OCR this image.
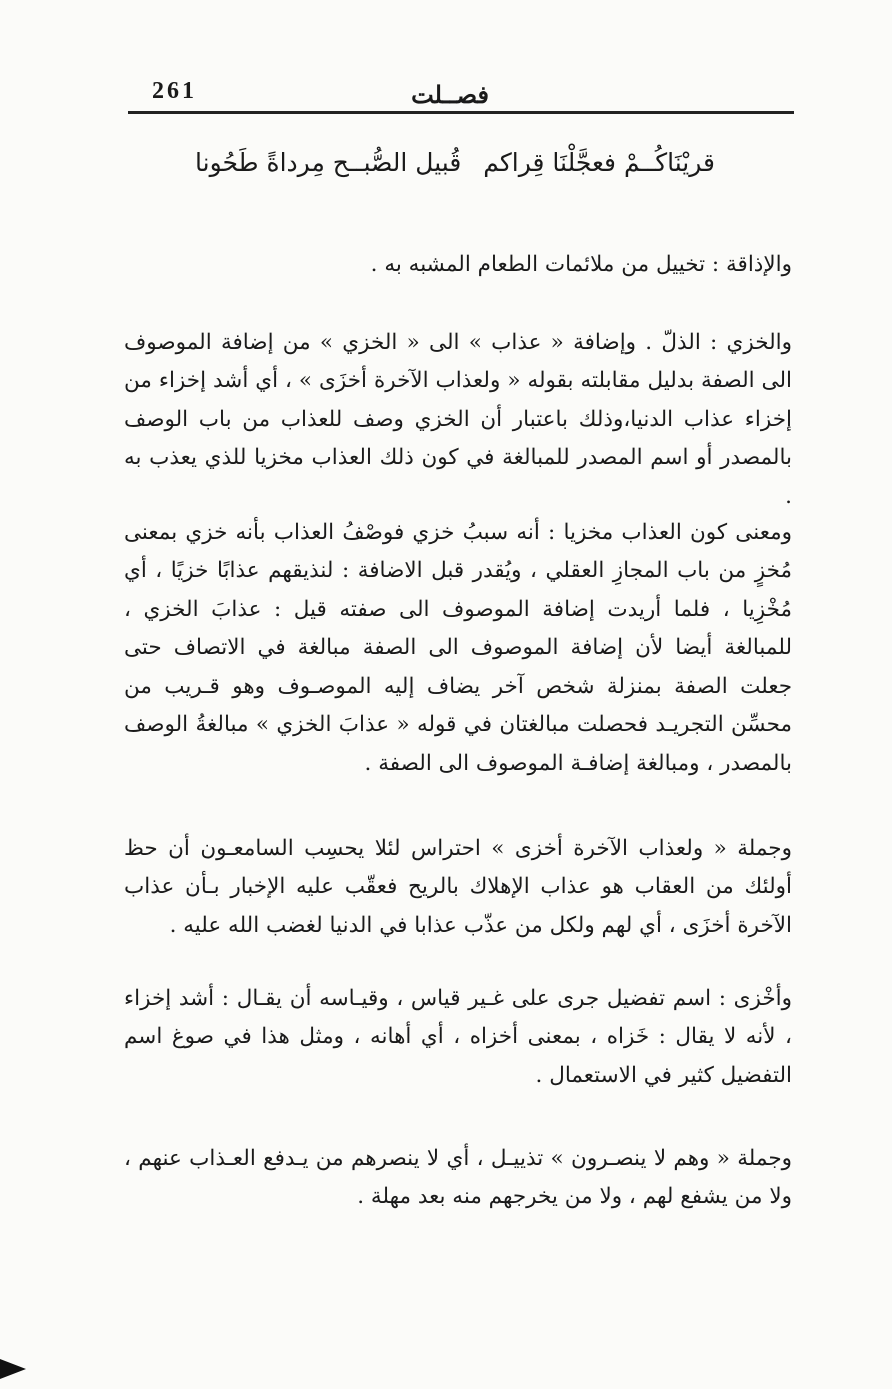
261	فصــلت
قريْنَاكُــمْ فعجَّلْنَا قِراكم
قُبيل الصُّبــح مِرداةً طَحُونا

والإذاقة : تخييل من ملائمات الطعام المشبه به .

والخزي : الذلّ . وإضافة « عذاب » الى « الخزي » من إضافة الموصوف الى الصفة بدليل مقابلته بقوله « ولعذاب الآخرة أخزَى » ، أي أشد إخزاء من إخزاء عذاب الدنيا،وذلك باعتبار أن الخزي وصف للعذاب من باب الوصف بالمصدر أو اسم المصدر للمبالغة في كون ذلك العذاب مخزيا للذي يعذب به .

ومعنى كون العذاب مخزيا : أنه سببُ خزي فوصْفُ العذاب بأنه خزي بمعنى مُخزٍ من باب المجازِ العقلي ، ويُقدر قبل الاضافة : لنذيقهم عذابًا خزيًا ، أي مُخْزِيا ، فلما أريدت إضافة الموصوف الى صفته قيل : عذابَ الخزي ، للمبالغة أيضا لأن إضافة الموصوف الى الصفة مبالغة في الاتصاف حتى جعلت الصفة بمنزلة شخص آخر يضاف إليه الموصـوف وهو قـريب من محسِّن التجريـد فحصلت مبالغتان في قوله « عذابَ الخزي » مبالغةُ الوصف بالمصدر ، ومبالغة إضافـة الموصوف الى الصفة .

وجملة « ولعذاب الآخرة أخزى » احتراس لئلا يحسِب السامعـون أن حظ أولئك من العقاب هو عذاب الإهلاك بالريح فعقّب عليه الإخبار بـأن عذاب الآخرة أخزَى ، أي لهم ولكل من عذّب عذابا في الدنيا لغضب الله عليه .

وأخْزى : اسم تفضيل جرى على غـير قياس ، وقيـاسه أن يقـال : أشد إخزاء ، لأنه لا يقال : خَزاه ، بمعنى أخزاه ، أي أهانه ، ومثل هذا في صوغ اسم التفضيل كثير في الاستعمال .

وجملة « وهم لا ينصـرون » تذييـل ، أي لا ينصرهم من يـدفع العـذاب عنهم ، ولا من يشفع لهم ، ولا من يخرجهم منه بعد مهلة .
